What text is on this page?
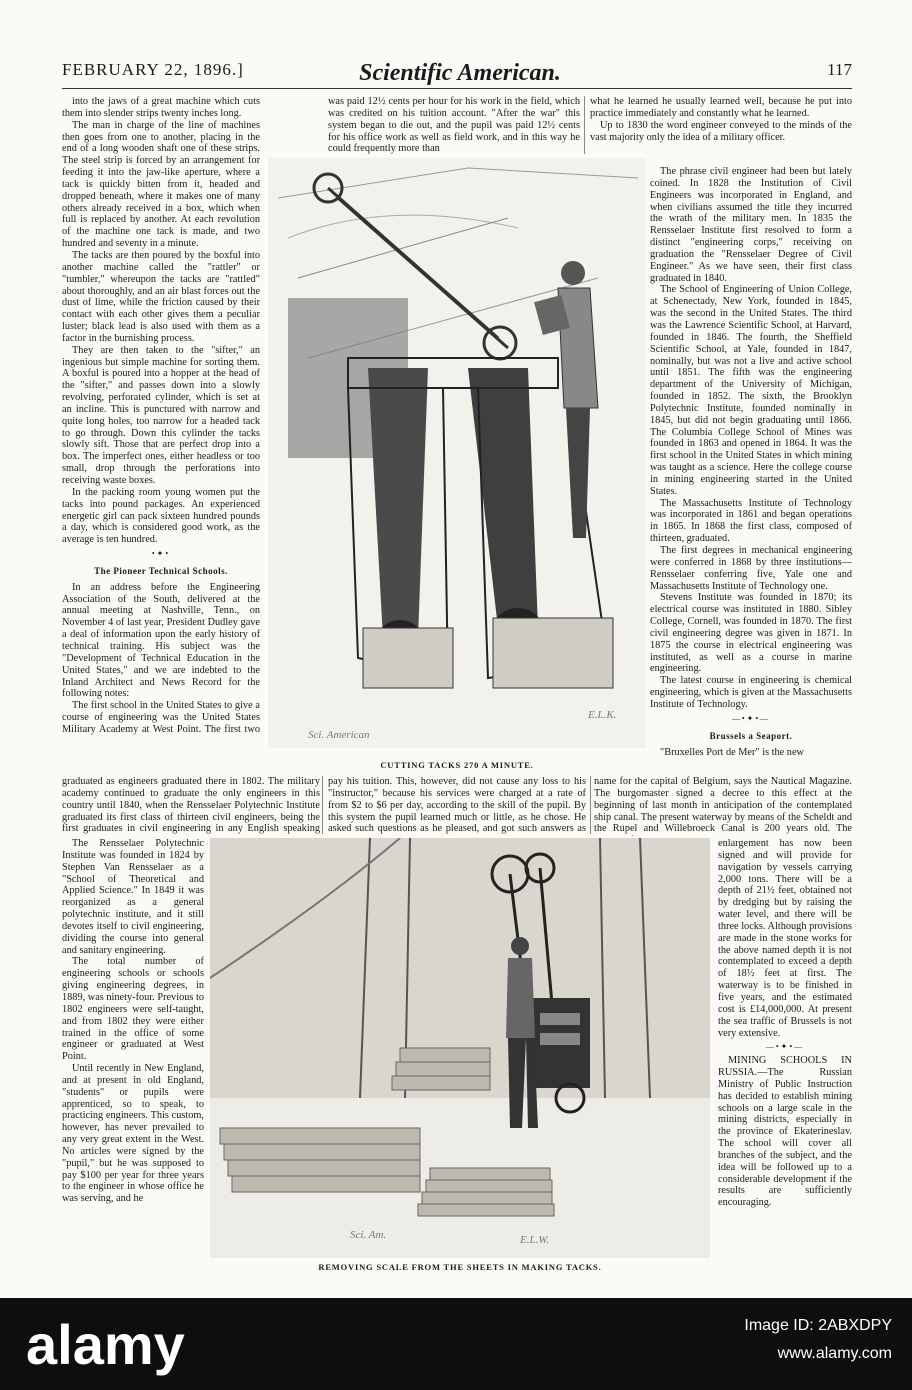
FEBRUARY 22, 1896.]	Scientific American.	117

into the jaws of a great machine which cuts them into slender strips twenty inches long.

The man in charge of the line of machines then goes from one to another, placing in the end of a long wooden shaft one of these strips. The steel strip is forced by an arrangement for feeding it into the jaw-like aperture, where a tack is quickly bitten from it, headed and dropped beneath, where it makes one of many others already received in a box, which when full is replaced by another. At each revolution of the machine one tack is made, and two hundred and seventy in a minute.

The tacks are then poured by the boxful into another machine called the "rattler" or "tumbler," whereupon the tacks are "rattled" about thoroughly, and an air blast forces out the dust of lime, while the friction caused by their contact with each other gives them a peculiar luster; black lead is also used with them as a factor in the burnishing process.

They are then taken to the "sifter," an ingenious but simple machine for sorting them. A boxful is poured into a hopper at the head of the "sifter," and passes down into a slowly revolving, perforated cylinder, which is set at an incline. This is punctured with narrow and quite long holes, too narrow for a headed tack to go through. Down this cylinder the tacks slowly sift. Those that are perfect drop into a box. The imperfect ones, either headless or too small, drop through the perforations into receiving waste boxes.

In the packing room young women put the tacks into pound packages. An experienced energetic girl can pack sixteen hundred pounds a day, which is considered good work, as the average is ten hundred.

•✦•
The Pioneer Technical Schools.

In an address before the Engineering Association of the South, delivered at the annual meeting at Nashville, Tenn., on November 4 of last year, President Dudley gave a deal of information upon the early history of technical training. His subject was the "Development of Technical Education in the United States," and we are indebted to the Inland Architect and News Record for the following notes:

The first school in the United States to give a course of engineering was the United States Military Academy at West Point. The first two

was paid 12½ cents per hour for his work in the field, which was credited on his tuition account. "After the war" this system began to die out, and the pupil was paid 12½ cents for his office work as well as field work, and in this way he could frequently more than

what he learned he usually learned well, because he put into practice immediately and constantly what he learned.

Up to 1830 the word engineer conveyed to the minds of the vast majority only the idea of a military officer.

The phrase civil engineer had been but lately coined. In 1828 the Institution of Civil Engineers was incorporated in England, and when civilians assumed the title they incurred the wrath of the military men. In 1835 the Rensselaer Institute first resolved to form a distinct "engineering corps," receiving on graduation the "Rensselaer Degree of Civil Engineer." As we have seen, their first class graduated in 1840.

The School of Engineering of Union College, at Schenectady, New York, founded in 1845, was the second in the United States. The third was the Lawrence Scientific School, at Harvard, founded in 1846. The fourth, the Sheffield Scientific School, at Yale, founded in 1847, nominally, but was not a live and active school until 1851. The fifth was the engineering department of the University of Michigan, founded in 1852. The sixth, the Brooklyn Polytechnic Institute, founded nominally in 1845, but did not begin graduating until 1866. The Columbia College School of Mines was founded in 1863 and opened in 1864. It was the first school in the United States in which mining was taught as a science. Here the college course in mining engineering started in the United States.

The Massachusetts Institute of Technology was incorporated in 1861 and began operations in 1865. In 1868 the first class, composed of thirteen, graduated.

The first degrees in mechanical engineering were conferred in 1868 by three institutions—Rensselaer conferring five, Yale one and Massachusetts Institute of Technology one.

Stevens Institute was founded in 1870; its electrical course was instituted in 1880. Sibley College, Cornell, was founded in 1870. The first civil engineering degree was given in 1871. In 1875 the course in electrical engineering was instituted, as well as a course in marine engineering.

The latest course in engineering is chemical engineering, which is given at the Massachusetts Institute of Technology.

—•✦•—
Brussels a Seaport.

"Bruxelles Port de Mer" is the new

Sci. American
E.L.K.
CUTTING TACKS 270 A MINUTE.

graduated as engineers graduated there in 1802. The military academy continued to graduate the only engineers in this country until 1840, when the Rensselaer Polytechnic Institute graduated its first class of thirteen civil engineers, being the first graduates in civil engineering in any English speaking

pay his tuition. This, however, did not cause any loss to his "instructor," because his services were charged at a rate of from $2 to $6 per day, according to the skill of the pupil. By this system the pupil learned much or little, as he chose. He asked such questions as he pleased, and got such answers as

name for the capital of Belgium, says the Nautical Magazine. The burgomaster signed a decree to this effect at the beginning of last month in anticipation of the contemplated ship canal. The present waterway by means of the Scheldt and the Rupel and Willebroeck Canal is 200 years old. The

The Rensselaer Polytechnic Institute was founded in 1824 by Stephen Van Rensselaer as a "School of Theoretical and Applied Science." In 1849 it was reorganized as a general polytechnic institute, and it still devotes itself to civil engineering, dividing the course into general and sanitary engineering.

The total number of engineering schools or schools giving engineering degrees, in 1889, was ninety-four. Previous to 1802 engineers were self-taught, and from 1802 they were either trained in the office of some engineer or graduated at West Point.

Until recently in New England, and at present in old England, "students" or pupils were apprenticed, so to speak, to practicing engineers. This custom, however, has never prevailed to any very great extent in the West. No articles were signed by the "pupil," but he was supposed to pay $100 per year for three years to the engineer in whose office he was serving, and he

Sci. Am.	E.L.W.
REMOVING SCALE FROM THE SHEETS IN MAKING TACKS.

enlargement has now been signed and will provide for navigation by vessels carrying 2,000 tons. There will be a depth of 21½ feet, obtained not by dredging but by raising the water level, and there will be three locks. Although provisions are made in the stone works for the above named depth it is not contemplated to exceed a depth of 18½ feet at first. The waterway is to be finished in five years, and the estimated cost is £14,000,000. At present the sea traffic of Brussels is not very extensive.

—•✦•—

MINING SCHOOLS IN RUSSIA.—The Russian Ministry of Public Instruction has decided to establish mining schools on a large scale in the mining districts, especially in the province of Ekaterineslav. The school will cover all branches of the subject, and the idea will be followed up to a considerable development if the results are sufficiently encouraging.

alamy	Image ID: 2ABXDPY
www.alamy.com
